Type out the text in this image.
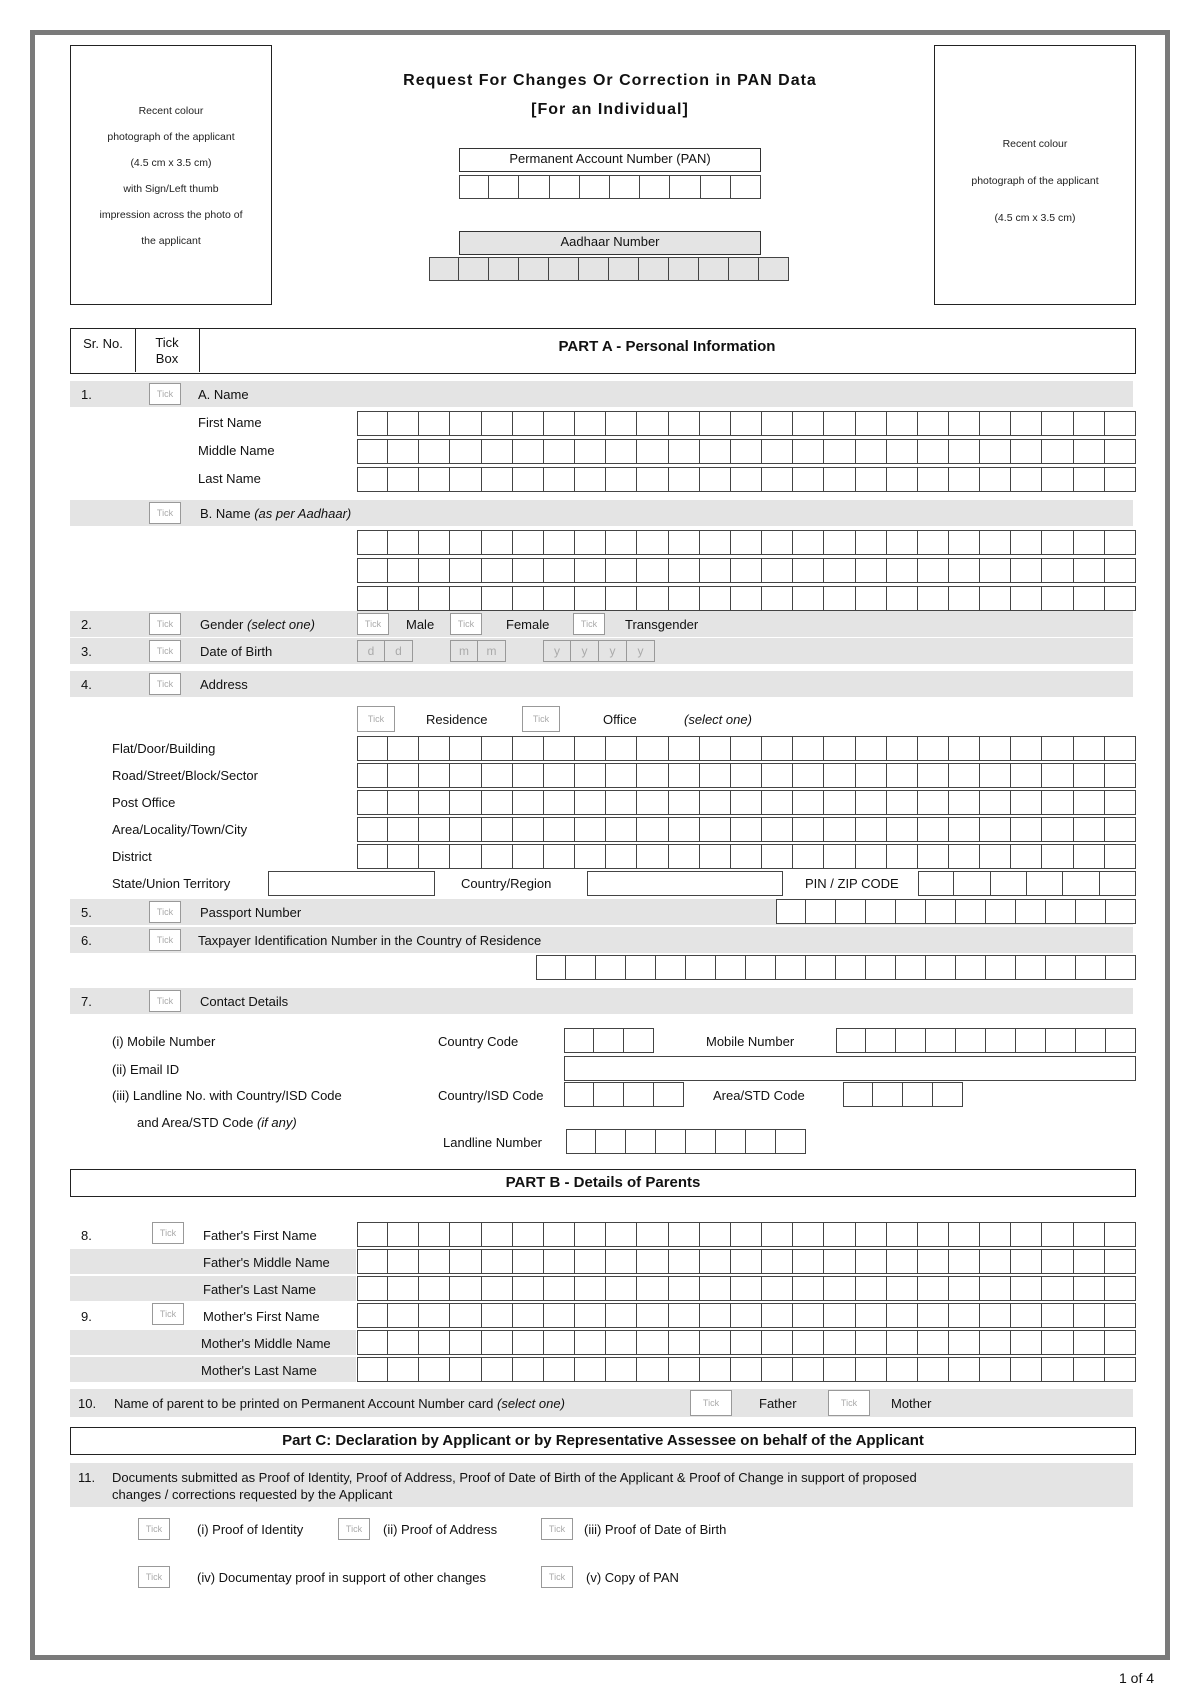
Recent colour
photograph of the applicant
(4.5 cm x 3.5 cm)
with Sign/Left thumb
impression across the photo of
the applicant
Recent colour
photograph of the applicant
(4.5 cm x 3.5 cm)
Request For Changes Or Correction in PAN Data
[For an Individual]
Permanent Account Number (PAN)
Aadhaar Number
Sr. No.	Tick
Box
PART A - Personal Information
1.	Tick	A. Name
First Name
Middle Name
Last Name
Tick	B. Name (as per Aadhaar)
2.	Tick	Gender (select one)	Tick	Male	Tick	Female	Tick	Transgender
3.	Tick	Date of Birth	d	d	m	m	y	y	y	y
4.	Tick	Address
Tick	Residence	Tick	Office	(select one)
Flat/Door/Building
Road/Street/Block/Sector
Post Office
Area/Locality/Town/City
District
State/Union Territory	Country/Region	PIN / ZIP CODE
5.	Tick	Passport Number
6.	Tick	Taxpayer Identification Number in the Country of Residence
7.	Tick	Contact Details
(i) Mobile Number	Country Code	Mobile Number
(ii) Email ID
(iii) Landline No. with Country/ISD Code	Country/ISD Code	Area/STD Code
and Area/STD Code (if any)
Landline Number
PART B - Details of Parents
8.	Tick	Father's First Name
Father's Middle Name
Father's Last Name
9.	Tick	Mother's First Name
Mother's Middle Name
Mother's Last Name
10. Name of parent to be printed on Permanent Account Number card (select one)	Tick	Father	Tick	Mother
Part C: Declaration by Applicant or by Representative Assessee on behalf of the Applicant
11. Documents submitted as Proof of Identity, Proof of Address, Proof of Date of Birth of the Applicant & Proof of Change in support of proposed
changes / corrections requested by the Applicant
Tick	(i) Proof of Identity	Tick	(ii) Proof of Address	Tick	(iii) Proof of Date of Birth
Tick	(iv) Documentay proof in support of other changes	Tick	(v) Copy of PAN
1 of 4
